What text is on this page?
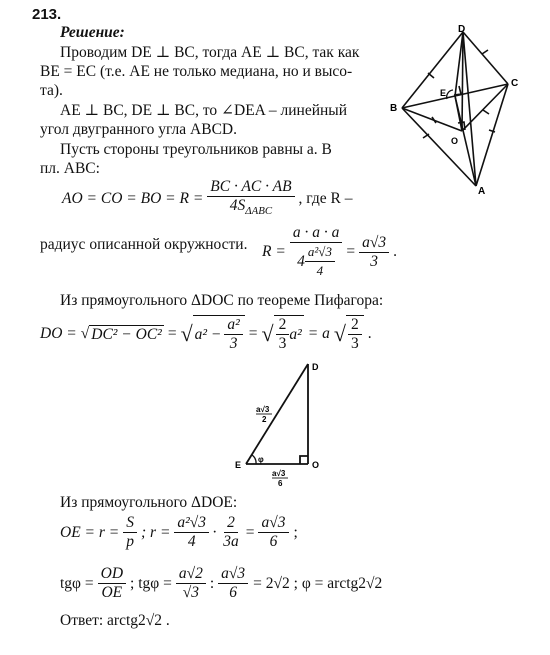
213.
Решение:
Проводим DE ⊥ BC, тогда AE ⊥ BC, так как
BE = EC (т.е. AE не только медиана, но и высо-
та).
AE ⊥ BC, DE ⊥ BC, то ∠DEA – линейный
угол двугранного угла ABCD.
Пусть стороны треугольников равны a. В
пл. ABC:
D
C
B
A
E
O
AO = CO = BO = $R = \frac{BC \cdot AC \cdot AB}{4S_{\Delta ABC}}$ , где R –
радиус описанной окружности. $R = \frac{a \cdot a \cdot a}{4 \frac{\text{a²√3}}{4}} = \frac{a√3}{3}$ .
Из прямоугольного ΔDOC по теореме Пифагора:
DO = √ DC² − OC² = √ $a^2 - \frac{\text{a²}}{3}$ = √ $\frac{2}{3} a^2 = a$ √ $\frac{2}{3}$ .
D
E	O
φ
a√3
2
a√3
6
Из прямоугольного ΔDOE:
OE = $r = \frac{S}{p}$ ; $r = \frac{\text{a²√3}}{4} \cdot \frac{2}{3a} = \frac{a√3}{6}$ ;
$tg\varphi = \frac{OD}{OE}$ ; $tg\varphi = \frac{a√2}{√3}$ : $\frac{a√3}{6} = 2√2$ ; φ = arctg2√2
Ответ: arctg2√2 .
